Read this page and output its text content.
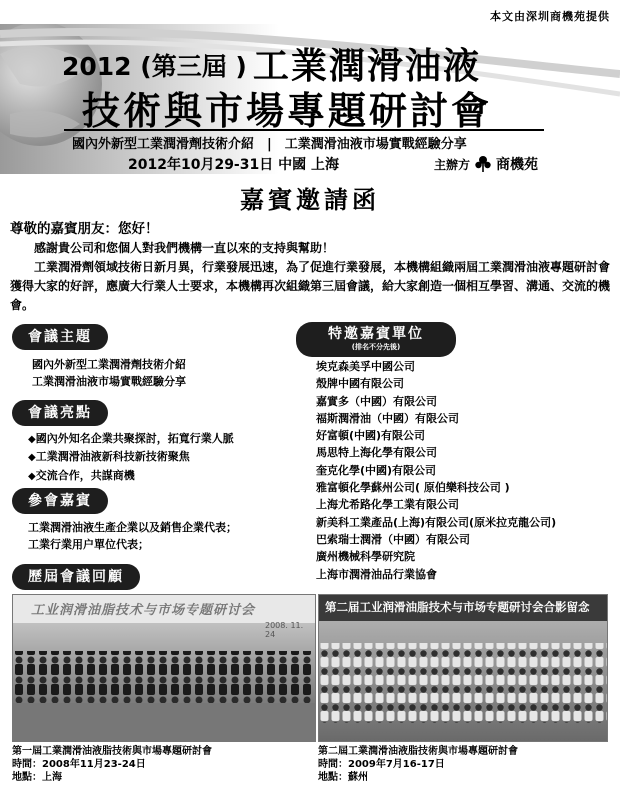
本文由深圳商機苑提供
2012 (第三屆 ) 工業潤滑油液
技術與市場專題研討會
國內外新型工業潤滑劑技術介紹　|　工業潤滑油液市場實戰經驗分享
2012年10月29-31日 中國 上海	主辦方 商機苑
嘉賓邀請函
尊敬的嘉賓朋友：您好！
　　感謝貴公司和您個人對我們機構一直以來的支持與幫助！
　　工業潤滑劑領域技術日新月異，行業發展迅速，為了促進行業發展，本機構組織兩屆工業潤滑油液專題研討會獲得大家的好評，應廣大行業人士要求，本機構再次組織第三屆會議，給大家創造一個相互學習、溝通、交流的機會。
會議主題
國內外新型工業潤滑劑技術介紹
工業潤滑油液市場實戰經驗分享
會議亮點
◆ 國內外知名企業共聚探討，拓寬行業人脈
◆ 工業潤滑油液新科技新技術聚焦
◆ 交流合作，共謀商機
參會嘉賓
工業潤滑油液生產企業以及銷售企業代表；
工業行業用户單位代表；
特邀嘉賓單位
(排名不分先後)
埃克森美孚中國公司
殼牌中國有限公司
嘉實多（中國）有限公司
福斯潤滑油（中國）有限公司
好富頓(中國)有限公司
馬思特上海化學有限公司
奎克化學(中國)有限公司
雅富頓化學蘇州公司( 原伯樂科技公司 )
上海尤希路化學工業有限公司
新美科工業產品(上海)有限公司(原米拉克龍公司)
巴索瑞士潤滑（中國）有限公司
廣州機械科學研究院
上海市潤滑油品行業協會
歷屆會議回顧
工业润滑油脂技术与市场专题研讨会
2008. 11. 24
第二届工业润滑油脂技术与市场专题研讨会合影留念
第一屆工業潤滑油液脂技術與市場專題研討會
時間：2008年11月23-24日
地點：上海
第二屆工業潤滑油液脂技術與市場專題研討會
時間：2009年7月16-17日
地點：蘇州
